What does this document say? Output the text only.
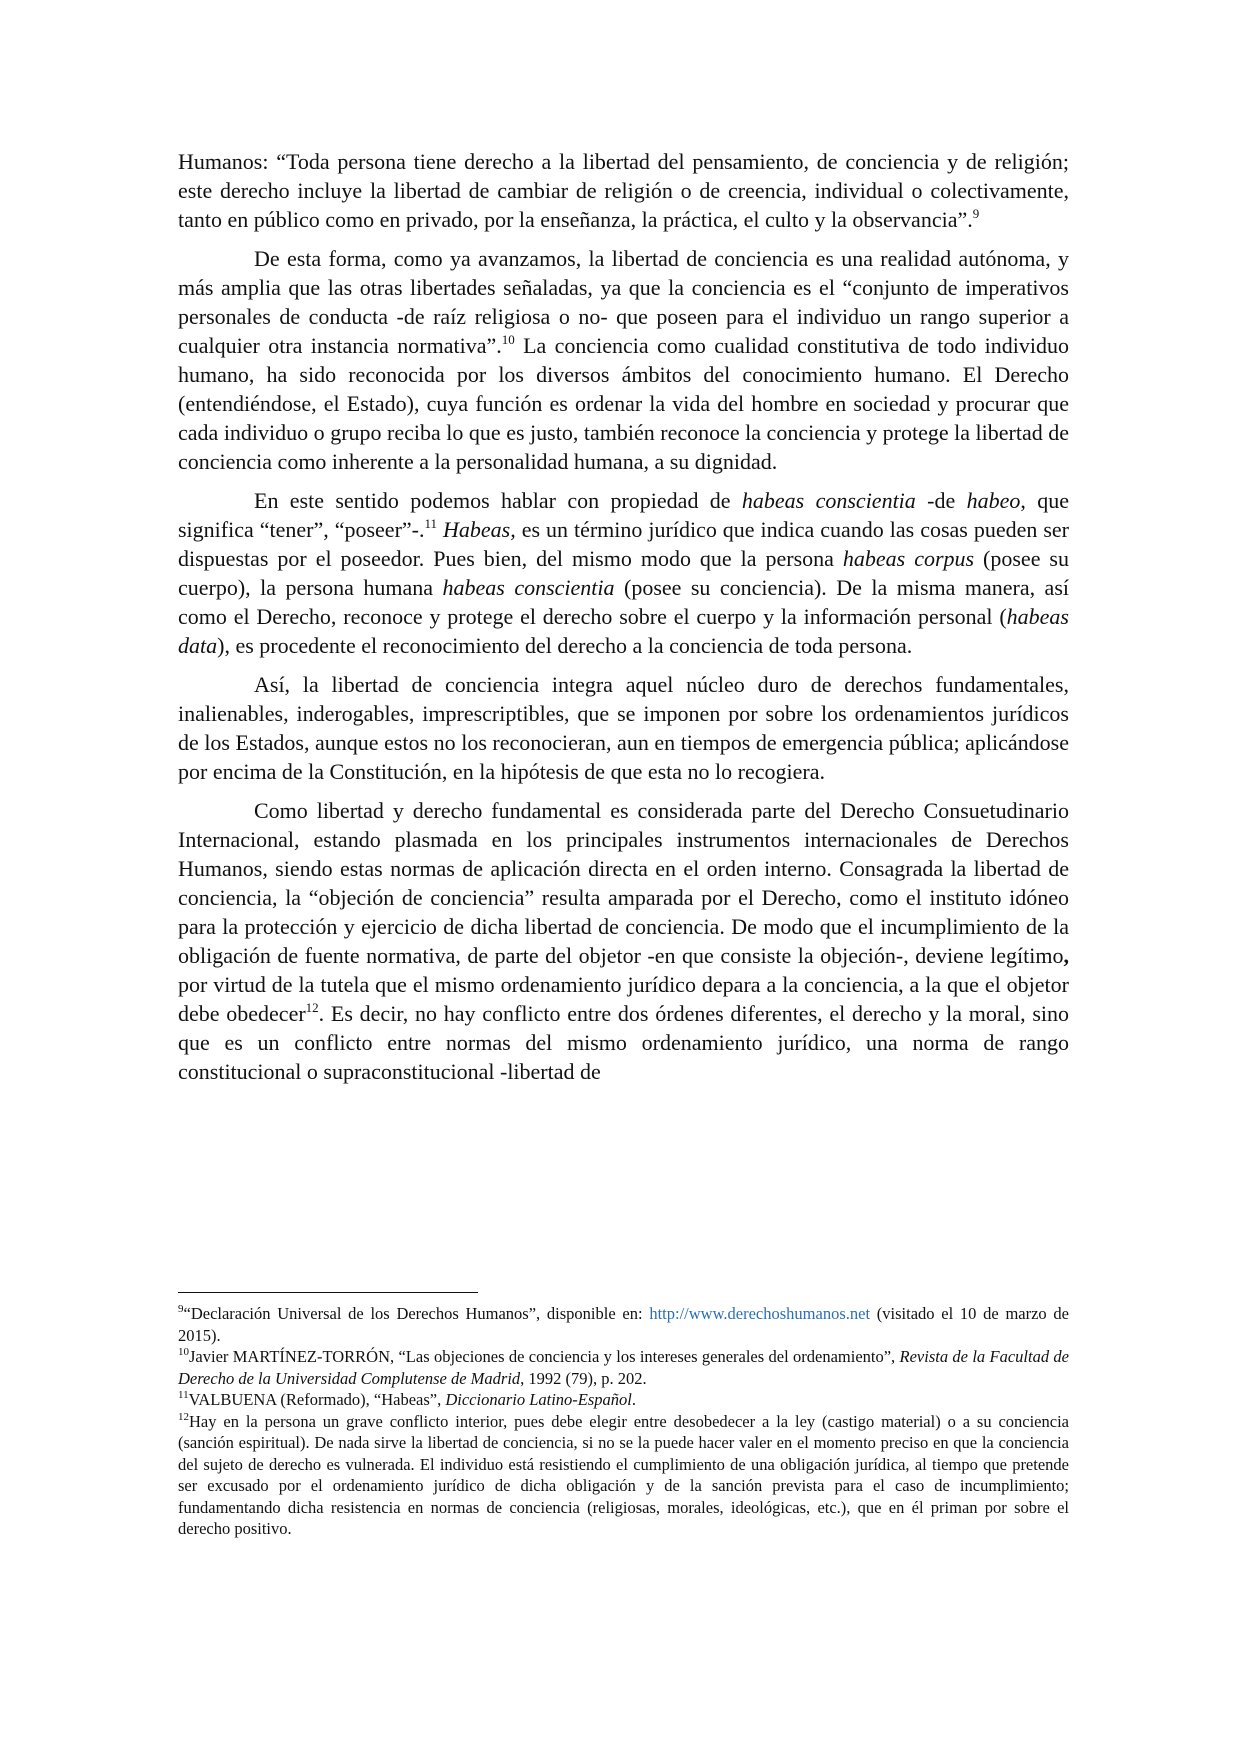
Humanos: “Toda persona tiene derecho a la libertad del pensamiento, de conciencia y de religión; este derecho incluye la libertad de cambiar de religión o de creencia, individual o colectivamente, tanto en público como en privado, por la enseñanza, la práctica, el culto y la observancia”.$^9$

De esta forma, como ya avanzamos, la libertad de conciencia es una realidad autónoma, y más amplia que las otras libertades señaladas, ya que la conciencia es el “conjunto de imperativos personales de conducta -de raíz religiosa o no- que poseen para el individuo un rango superior a cualquier otra instancia normativa”.$^{10}$ La conciencia como cualidad constitutiva de todo individuo humano, ha sido reconocida por los diversos ámbitos del conocimiento humano. El Derecho (entendiéndose, el Estado), cuya función es ordenar la vida del hombre en sociedad y procurar que cada individuo o grupo reciba lo que es justo, también reconoce la conciencia y protege la libertad de conciencia como inherente a la personalidad humana, a su dignidad.

En este sentido podemos hablar con propiedad de habeas conscientia -de habeo, que significa “tener”, “poseer”-.$^{11}$ Habeas, es un término jurídico que indica cuando las cosas pueden ser dispuestas por el poseedor. Pues bien, del mismo modo que la persona habeas corpus (posee su cuerpo), la persona humana habeas conscientia (posee su conciencia). De la misma manera, así como el Derecho, reconoce y protege el derecho sobre el cuerpo y la información personal (habeas data), es procedente el reconocimiento del derecho a la conciencia de toda persona.

Así, la libertad de conciencia integra aquel núcleo duro de derechos fundamentales, inalienables, inderogables, imprescriptibles, que se imponen por sobre los ordenamientos jurídicos de los Estados, aunque estos no los reconocieran, aun en tiempos de emergencia pública; aplicándose por encima de la Constitución, en la hipótesis de que esta no lo recogiera.

Como libertad y derecho fundamental es considerada parte del Derecho Consuetudinario Internacional, estando plasmada en los principales instrumentos internacionales de Derechos Humanos, siendo estas normas de aplicación directa en el orden interno. Consagrada la libertad de conciencia, la “objeción de conciencia” resulta amparada por el Derecho, como el instituto idóneo para la protección y ejercicio de dicha libertad de conciencia. De modo que el incumplimiento de la obligación de fuente normativa, de parte del objetor -en que consiste la objeción-, deviene legítimo, por virtud de la tutela que el mismo ordenamiento jurídico depara a la conciencia, a la que el objetor debe obedecer$^{12}$. Es decir, no hay conflicto entre dos órdenes diferentes, el derecho y la moral, sino que es un conflicto entre normas del mismo ordenamiento jurídico, una norma de rango constitucional o supraconstitucional -libertad de

$^9$“Declaración Universal de los Derechos Humanos”, disponible en: http://www.derechoshumanos.net (visitado el 10 de marzo de 2015).

$^{10}$Javier MARTÍNEZ-TORRÓN, “Las objeciones de conciencia y los intereses generales del ordenamiento”, Revista de la Facultad de Derecho de la Universidad Complutense de Madrid, 1992 (79), p. 202.

$^{11}$VALBUENA (Reformado), “Habeas”, Diccionario Latino-Español.

$^{12}$Hay en la persona un grave conflicto interior, pues debe elegir entre desobedecer a la ley (castigo material) o a su conciencia (sanción espiritual). De nada sirve la libertad de conciencia, si no se la puede hacer valer en el momento preciso en que la conciencia del sujeto de derecho es vulnerada. El individuo está resistiendo el cumplimiento de una obligación jurídica, al tiempo que pretende ser excusado por el ordenamiento jurídico de dicha obligación y de la sanción prevista para el caso de incumplimiento; fundamentando dicha resistencia en normas de conciencia (religiosas, morales, ideológicas, etc.), que en él priman por sobre el derecho positivo.
